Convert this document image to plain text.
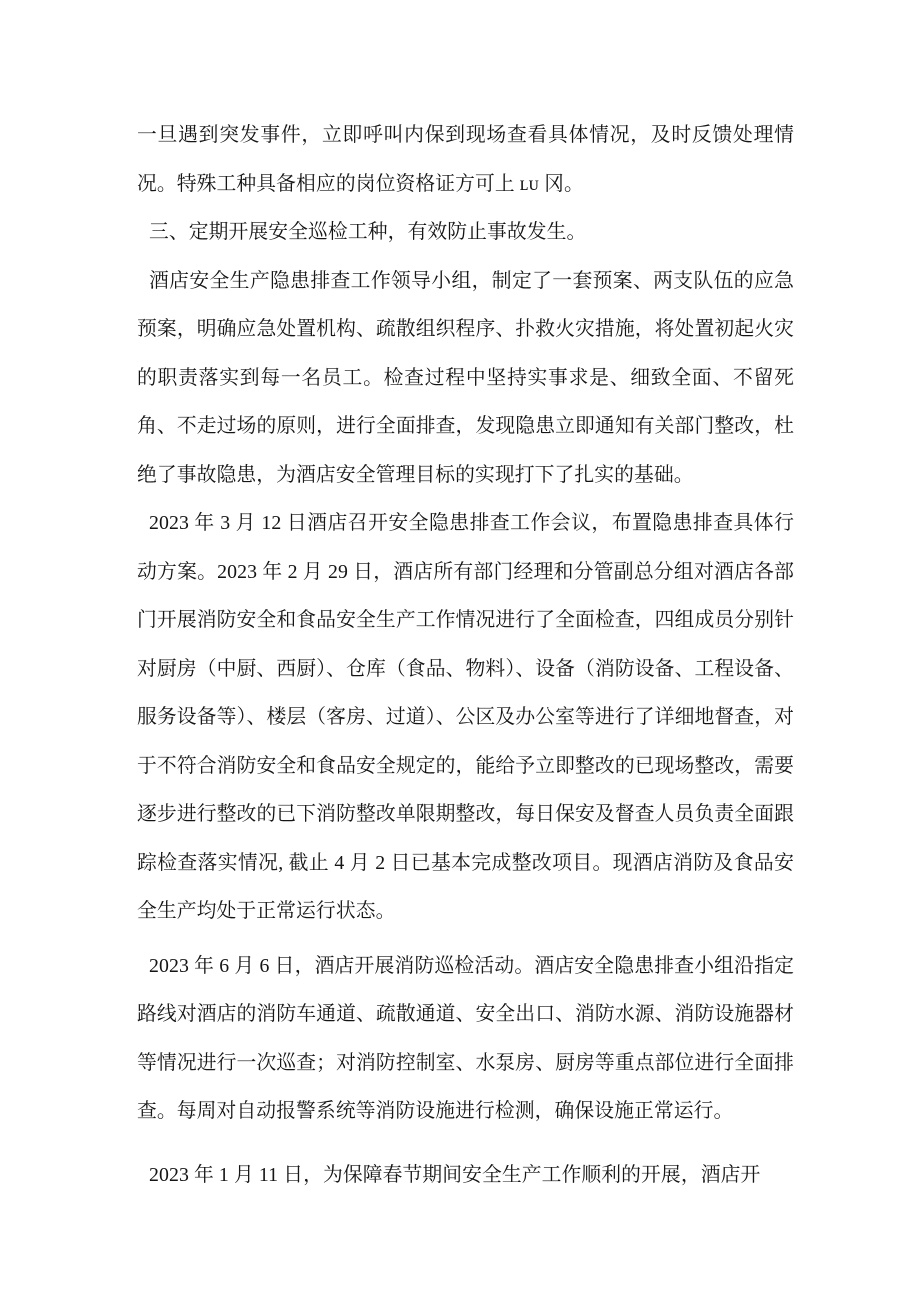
一旦遇到突发事件，立即呼叫内保到现场查看具体情况，及时反馈处理情况。特殊工种具备相应的岗位资格证方可上 ʟᴜ 冈。

三、定期开展安全巡检工种，有效防止事故发生。

酒店安全生产隐患排查工作领导小组，制定了一套预案、两支队伍的应急预案，明确应急处置机构、疏散组织程序、扑救火灾措施，将处置初起火灾的职责落实到每一名员工。检查过程中坚持实事求是、细致全面、不留死角、不走过场的原则，进行全面排查，发现隐患立即通知有关部门整改，杜绝了事故隐患，为酒店安全管理目标的实现打下了扎实的基础。

2023 年 3 月 12 日酒店召开安全隐患排查工作会议，布置隐患排查具体行动方案。2023 年 2 月 29 日，酒店所有部门经理和分管副总分组对酒店各部门开展消防安全和食品安全生产工作情况进行了全面检查，四组成员分别针对厨房（中厨、西厨）、仓库（食品、物料）、设备（消防设备、工程设备、服务设备等）、楼层（客房、过道）、公区及办公室等进行了详细地督查，对于不符合消防安全和食品安全规定的，能给予立即整改的已现场整改，需要逐步进行整改的已下消防整改单限期整改，每日保安及督查人员负责全面跟踪检查落实情况, 截止 4 月 2 日已基本完成整改项目。现酒店消防及食品安全生产均处于正常运行状态。

2023 年 6 月 6 日，酒店开展消防巡检活动。酒店安全隐患排查小组沿指定路线对酒店的消防车通道、疏散通道、安全出口、消防水源、消防设施器材等情况进行一次巡查；对消防控制室、水泵房、厨房等重点部位进行全面排查。每周对自动报警系统等消防设施进行检测，确保设施正常运行。

2023 年 1 月 11 日，为保障春节期间安全生产工作顺利的开展，酒店开
